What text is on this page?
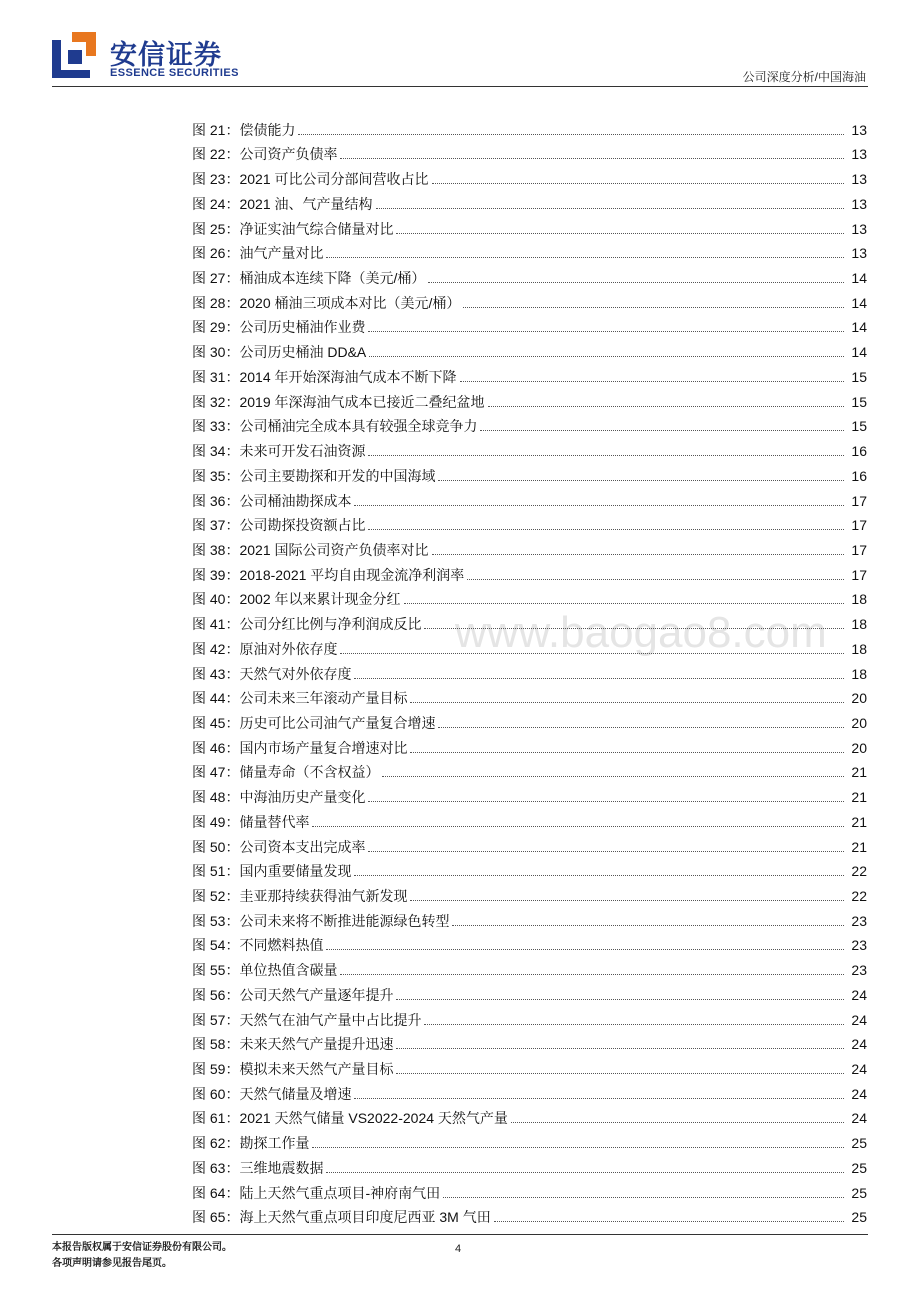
安信证券
ESSENCE SECURITIES	公司深度分析/中国海油
www.baogao8.com
图 21：偿债能力	13
图 22：公司资产负债率	13
图 23：2021 可比公司分部间营收占比	13
图 24：2021 油、气产量结构	13
图 25：净证实油气综合储量对比	13
图 26：油气产量对比	13
图 27：桶油成本连续下降（美元/桶）	14
图 28：2020 桶油三项成本对比（美元/桶）	14
图 29：公司历史桶油作业费	14
图 30：公司历史桶油 DD&A	14
图 31：2014 年开始深海油气成本不断下降	15
图 32：2019 年深海油气成本已接近二叠纪盆地	15
图 33：公司桶油完全成本具有较强全球竞争力	15
图 34：未来可开发石油资源	16
图 35：公司主要勘探和开发的中国海域	16
图 36：公司桶油勘探成本	17
图 37：公司勘探投资额占比	17
图 38：2021 国际公司资产负债率对比	17
图 39：2018-2021 平均自由现金流净利润率	17
图 40：2002 年以来累计现金分红	18
图 41：公司分红比例与净利润成反比	18
图 42：原油对外依存度	18
图 43：天然气对外依存度	18
图 44：公司未来三年滚动产量目标	20
图 45：历史可比公司油气产量复合增速	20
图 46：国内市场产量复合增速对比	20
图 47：储量寿命（不含权益）	21
图 48：中海油历史产量变化	21
图 49：储量替代率	21
图 50：公司资本支出完成率	21
图 51：国内重要储量发现	22
图 52：圭亚那持续获得油气新发现	22
图 53：公司未来将不断推进能源绿色转型	23
图 54：不同燃料热值	23
图 55：单位热值含碳量	23
图 56：公司天然气产量逐年提升	24
图 57：天然气在油气产量中占比提升	24
图 58：未来天然气产量提升迅速	24
图 59：模拟未来天然气产量目标	24
图 60：天然气储量及增速	24
图 61：2021 天然气储量 VS2022-2024 天然气产量	24
图 62：勘探工作量	25
图 63：三维地震数据	25
图 64：陆上天然气重点项目-神府南气田	25
图 65：海上天然气重点项目印度尼西亚 3M 气田	25
本报告版权属于安信证券股份有限公司。
各项声明请参见报告尾页。
4
